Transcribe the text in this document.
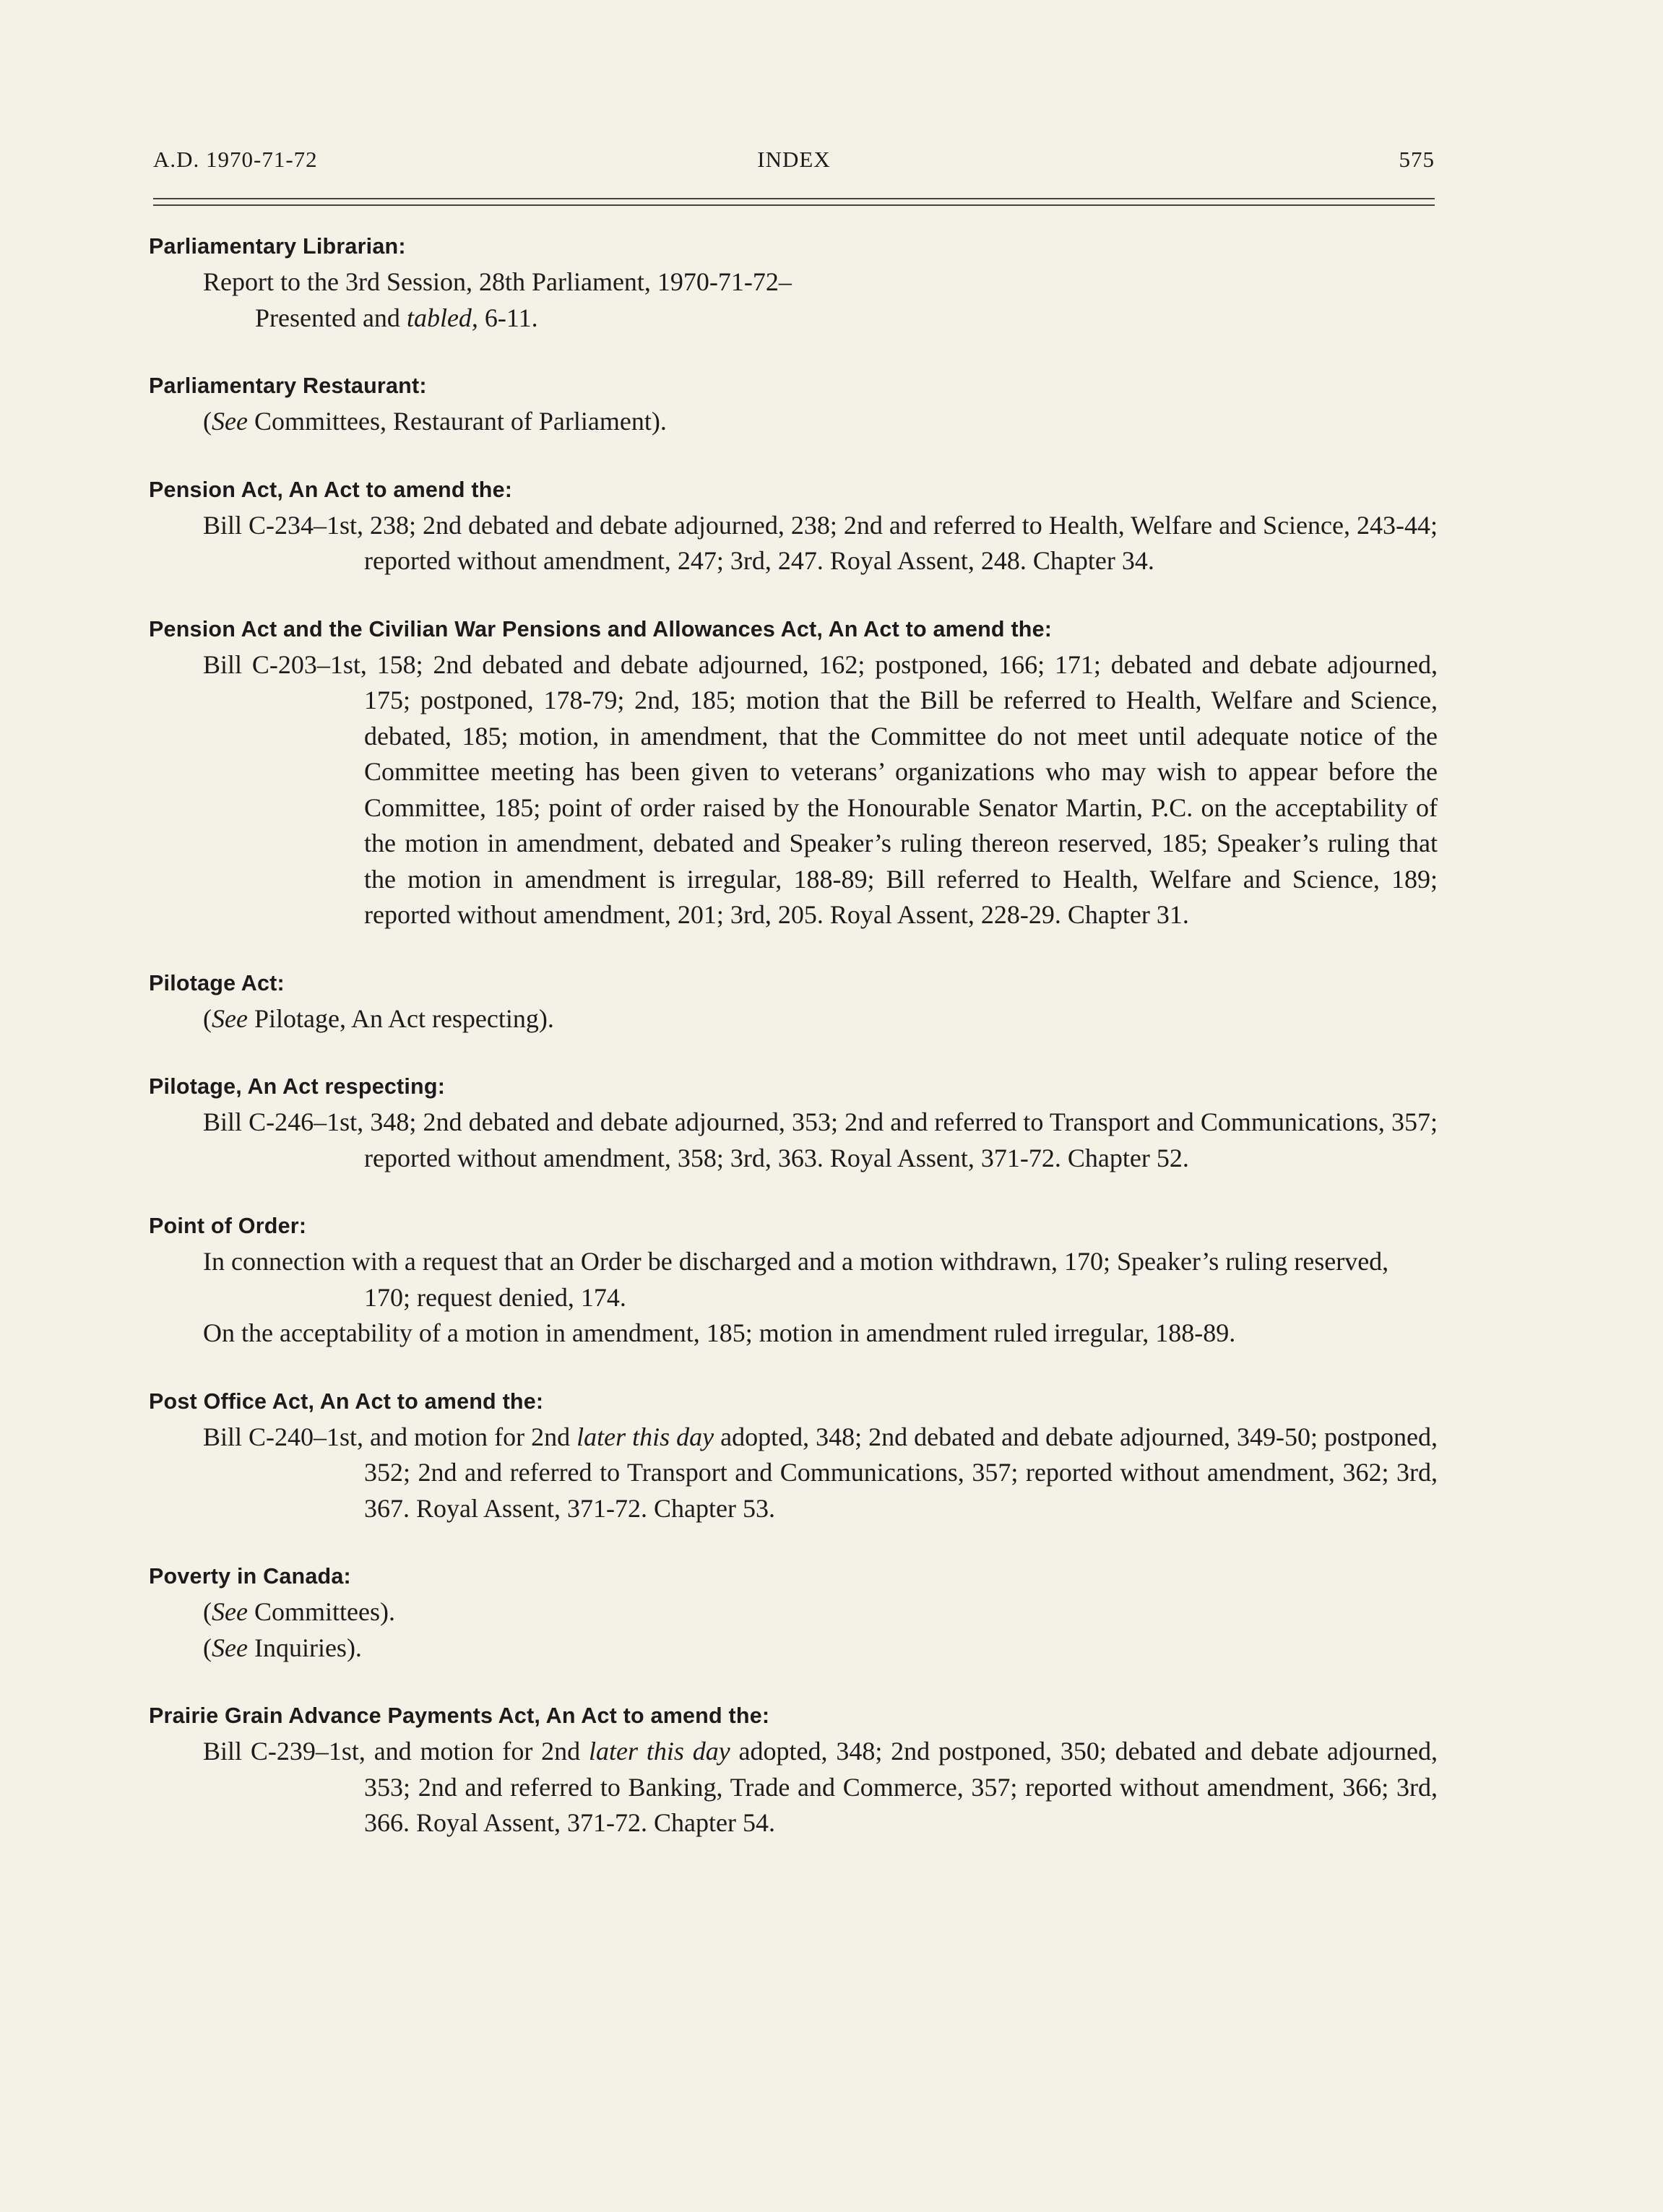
A.D. 1970-71-72	INDEX	575
Parliamentary Librarian:
Report to the 3rd Session, 28th Parliament, 1970-71-72–
Presented and tabled, 6-11.
Parliamentary Restaurant:
(See Committees, Restaurant of Parliament).
Pension Act, An Act to amend the:
Bill C-234–1st, 238; 2nd debated and debate adjourned, 238; 2nd and referred to Health, Welfare and Science, 243-44; reported without amendment, 247; 3rd, 247. Royal Assent, 248. Chapter 34.
Pension Act and the Civilian War Pensions and Allowances Act, An Act to amend the:
Bill C-203–1st, 158; 2nd debated and debate adjourned, 162; postponed, 166; 171; debated and debate adjourned, 175; postponed, 178-79; 2nd, 185; motion that the Bill be referred to Health, Welfare and Science, debated, 185; motion, in amendment, that the Committee do not meet until adequate notice of the Committee meeting has been given to veterans’ organizations who may wish to appear before the Committee, 185; point of order raised by the Honourable Senator Martin, P.C. on the acceptability of the motion in amendment, debated and Speaker’s ruling thereon reserved, 185; Speaker’s ruling that the motion in amendment is irregular, 188-89; Bill referred to Health, Welfare and Science, 189; reported without amendment, 201; 3rd, 205. Royal Assent, 228-29. Chapter 31.
Pilotage Act:
(See Pilotage, An Act respecting).
Pilotage, An Act respecting:
Bill C-246–1st, 348; 2nd debated and debate adjourned, 353; 2nd and referred to Transport and Communications, 357; reported without amendment, 358; 3rd, 363. Royal Assent, 371-72. Chapter 52.
Point of Order:
In connection with a request that an Order be discharged and a motion withdrawn, 170; Speaker’s ruling reserved, 170; request denied, 174.
On the acceptability of a motion in amendment, 185; motion in amendment ruled irregular, 188-89.
Post Office Act, An Act to amend the:
Bill C-240–1st, and motion for 2nd later this day adopted, 348; 2nd debated and debate adjourned, 349-50; postponed, 352; 2nd and referred to Transport and Communications, 357; reported without amendment, 362; 3rd, 367. Royal Assent, 371-72. Chapter 53.
Poverty in Canada:
(See Committees).
(See Inquiries).
Prairie Grain Advance Payments Act, An Act to amend the:
Bill C-239–1st, and motion for 2nd later this day adopted, 348; 2nd postponed, 350; debated and debate adjourned, 353; 2nd and referred to Banking, Trade and Commerce, 357; reported without amendment, 366; 3rd, 366. Royal Assent, 371-72. Chapter 54.
